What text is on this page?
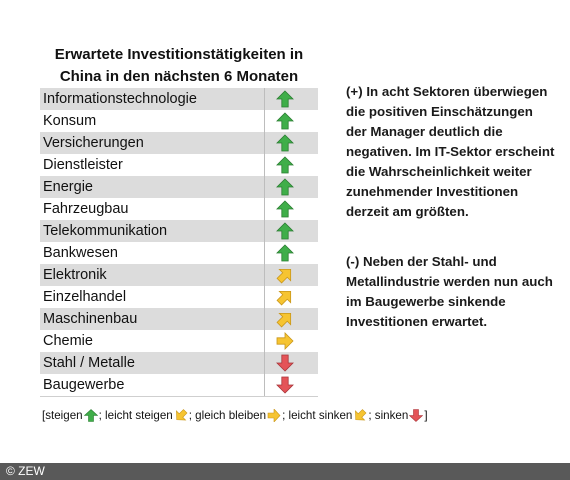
Erwartete Investitionstätigkeiten in
China in den nächsten 6 Monaten
Informationstechnologie
Konsum
Versicherungen
Dienstleister
Energie
Fahrzeugbau
Telekommunikation
Bankwesen
Elektronik
Einzelhandel
Maschinenbau
Chemie
Stahl / Metalle
Baugewerbe
(+) In acht Sektoren überwiegen die positiven Einschätzungen der Manager deutlich die negativen. Im IT-Sektor erscheint die Wahrscheinlichkeit weiter zunehmender Investitionen derzeit am größten.
(-) Neben der Stahl- und Metallindustrie werden nun auch im Baugewerbe sinkende Investitionen erwartet.
[steigen ; leicht steigen ; gleich bleiben ; leicht sinken ; sinken ]
© ZEW
